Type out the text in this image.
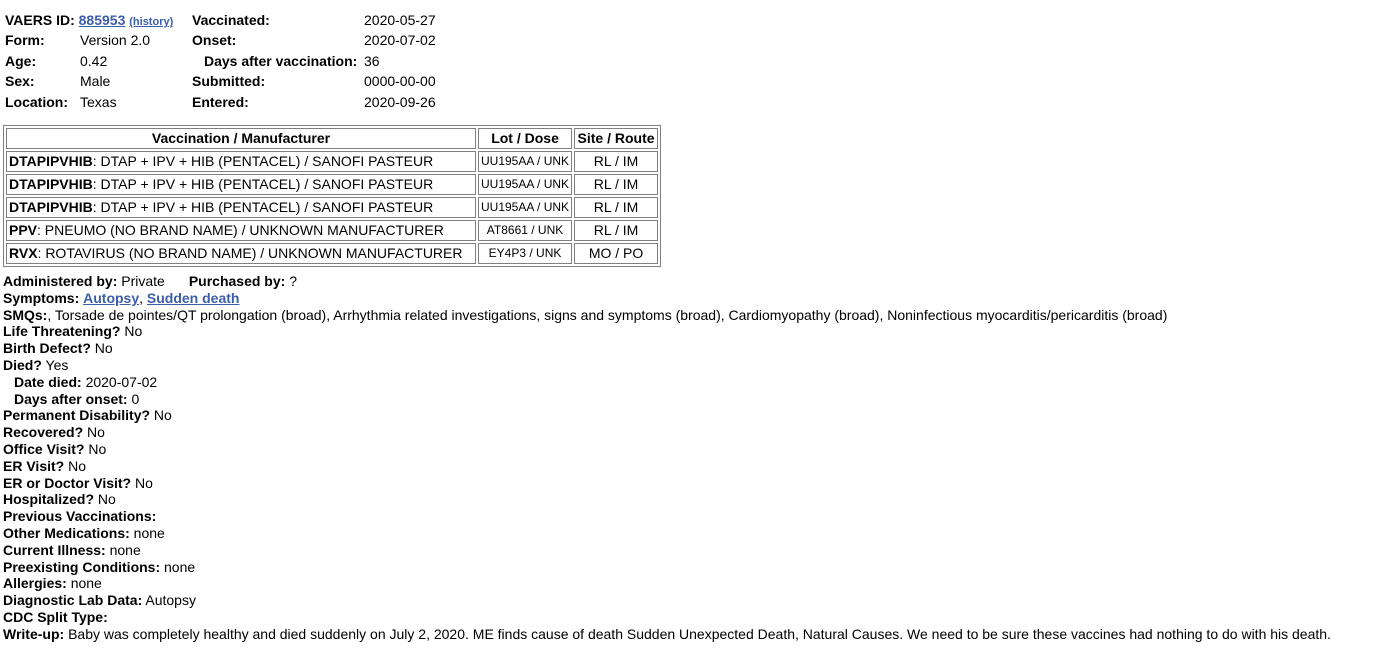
VAERS ID: 885953 (history) Vaccinated:	2020-05-27
Form:	Version 2.0	Onset:	2020-07-02
Age:	0.42	Days after vaccination: 36
Sex:	Male	Submitted:	0000-00-00
Location: Texas	Entered:	2020-09-26
Vaccination / Manufacturer	Lot / Dose	Site / Route
DTAPIPVHIB: DTAP + IPV + HIB (PENTACEL) / SANOFI PASTEUR	UU195AA / UNK	RL / IM
DTAPIPVHIB: DTAP + IPV + HIB (PENTACEL) / SANOFI PASTEUR	UU195AA / UNK	RL / IM
DTAPIPVHIB: DTAP + IPV + HIB (PENTACEL) / SANOFI PASTEUR	UU195AA / UNK	RL / IM
PPV: PNEUMO (NO BRAND NAME) / UNKNOWN MANUFACTURER	AT8661 / UNK	RL / IM
RVX: ROTAVIRUS (NO BRAND NAME) / UNKNOWN MANUFACTURER	EY4P3 / UNK	MO / PO
Administered by: Private Purchased by: ?
Symptoms: Autopsy, Sudden death
SMQs:, Torsade de pointes/QT prolongation (broad), Arrhythmia related investigations, signs and symptoms (broad), Cardiomyopathy (broad), Noninfectious myocarditis/pericarditis (broad)
Life Threatening? No
Birth Defect? No
Died? Yes
Date died: 2020-07-02
Days after onset: 0
Permanent Disability? No
Recovered? No
Office Visit? No
ER Visit? No
ER or Doctor Visit? No
Hospitalized? No
Previous Vaccinations:
Other Medications: none
Current Illness: none
Preexisting Conditions: none
Allergies: none
Diagnostic Lab Data: Autopsy
CDC Split Type:
Write-up: Baby was completely healthy and died suddenly on July 2, 2020. ME finds cause of death Sudden Unexpected Death, Natural Causes. We need to be sure these vaccines had nothing to do with his death.
